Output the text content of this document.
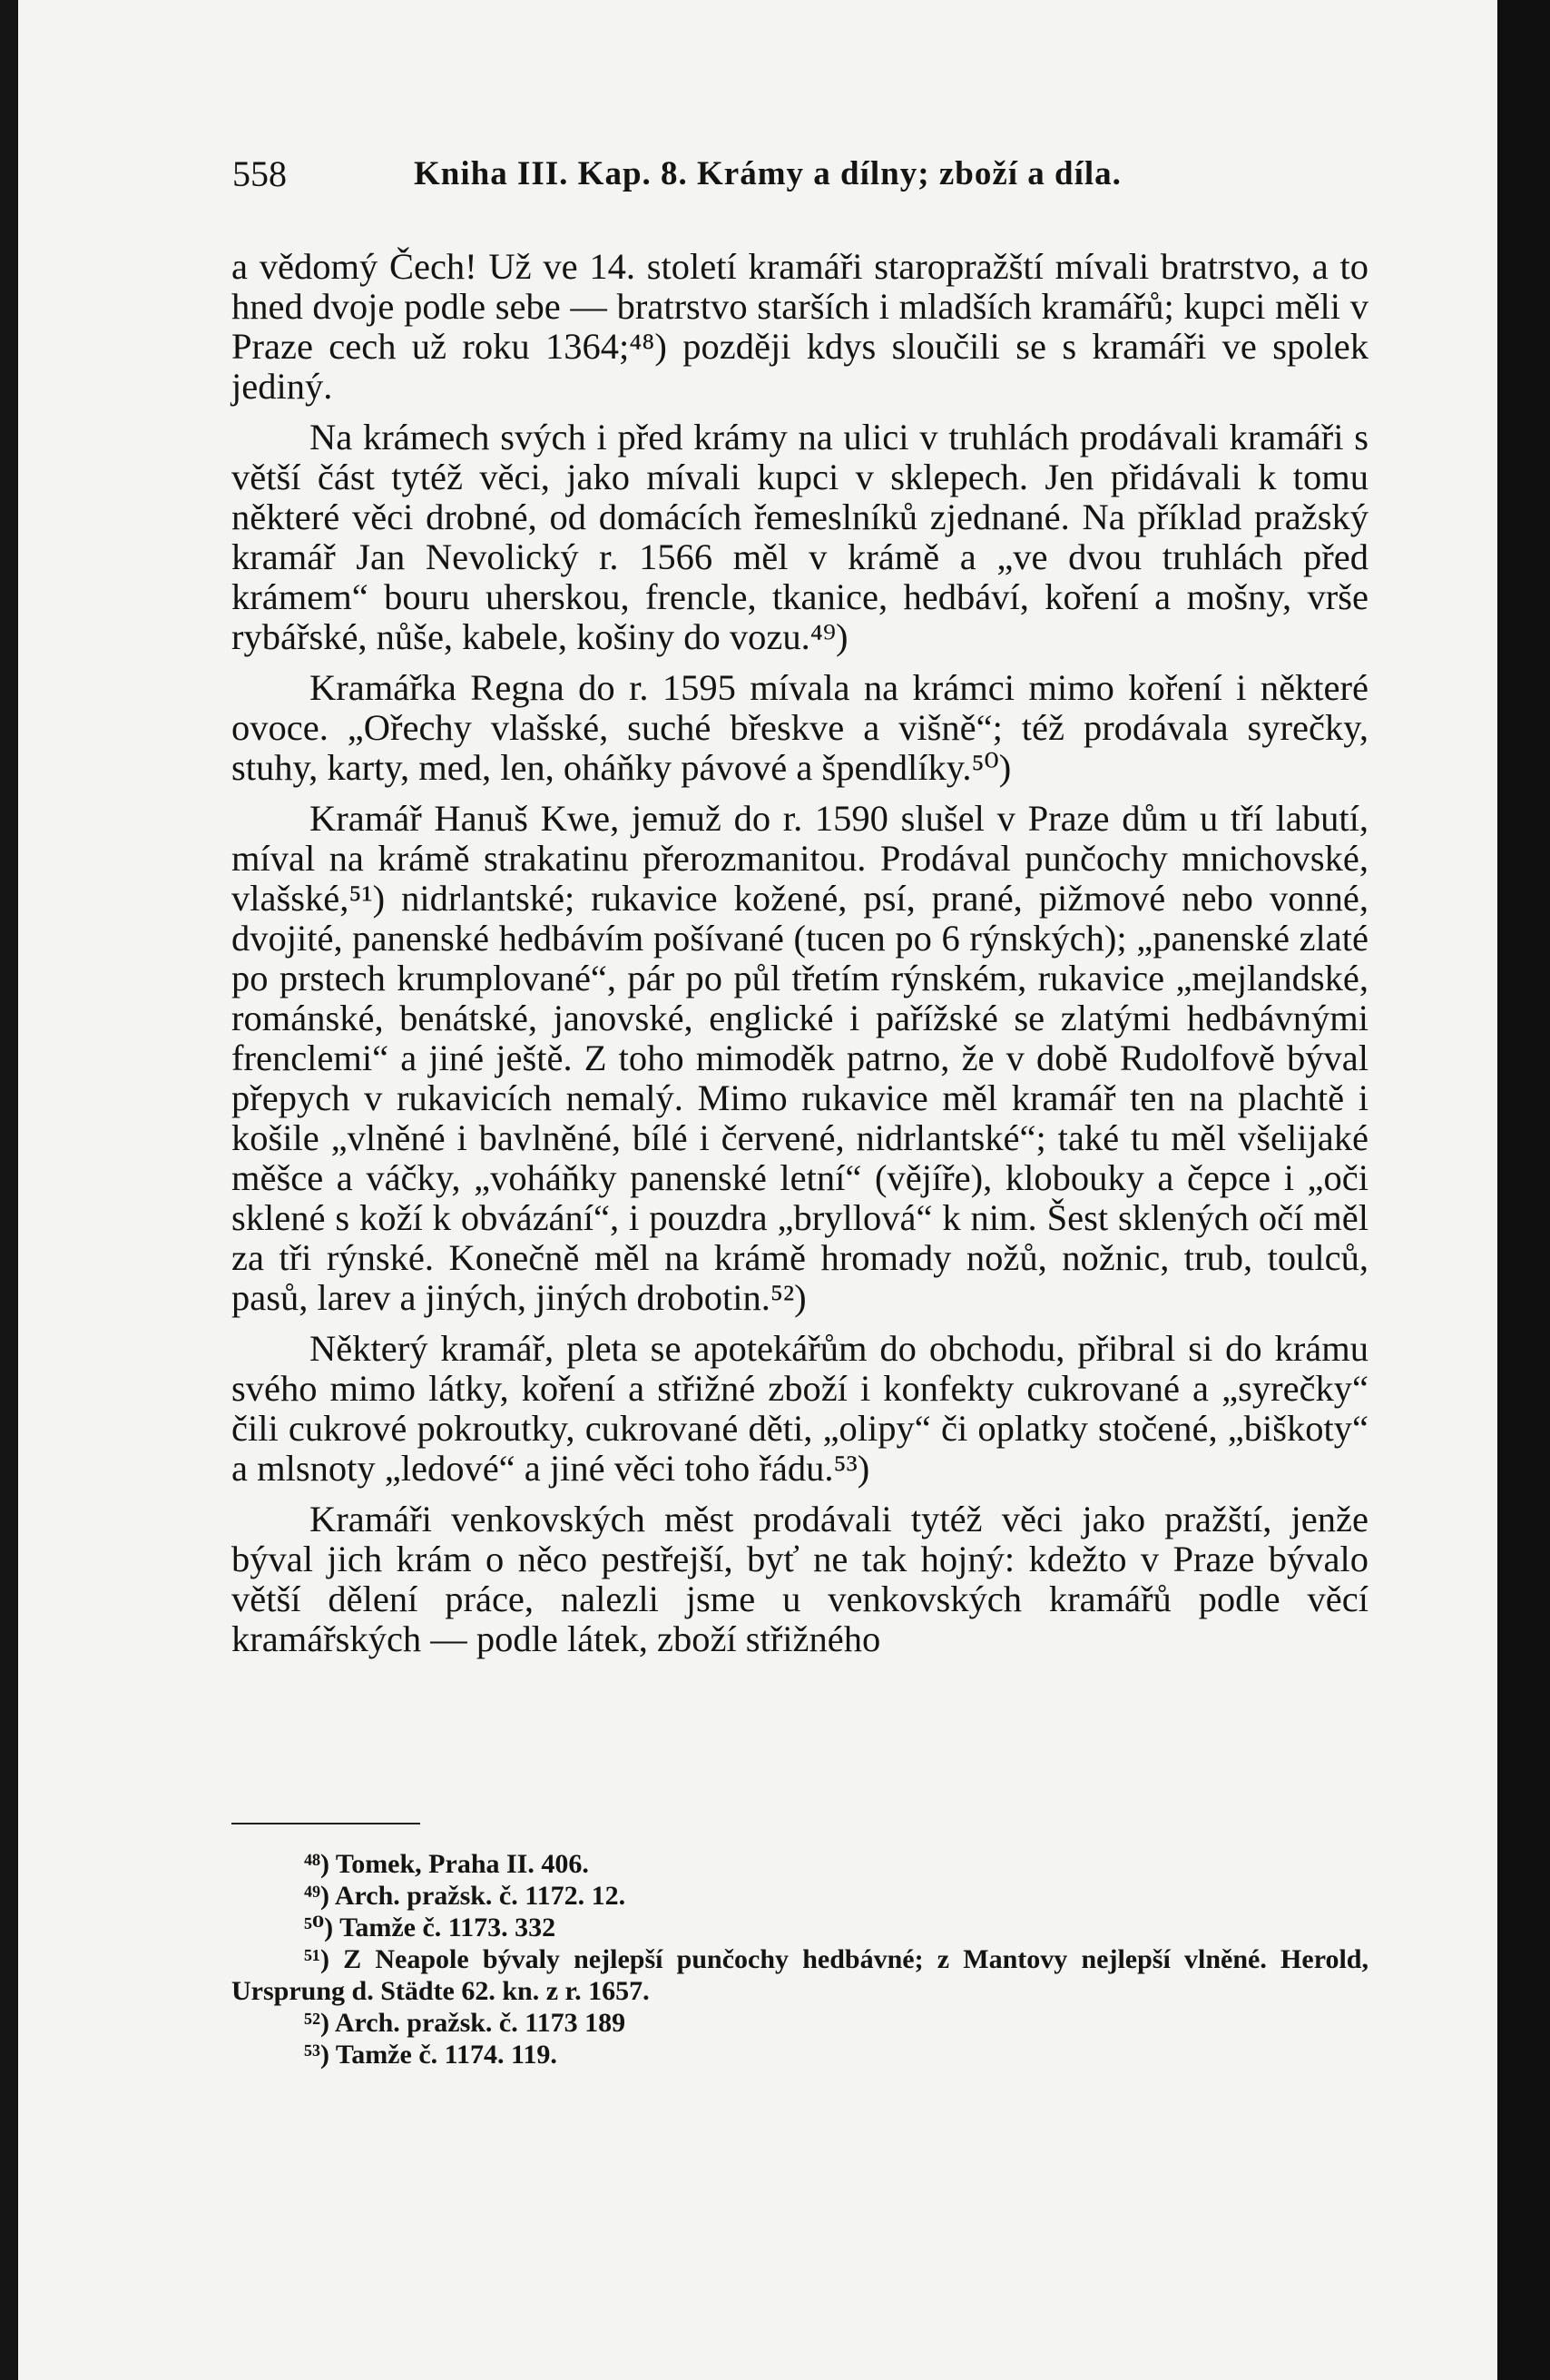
558	Kniha III. Kap. 8. Krámy a dílny; zboží a díla.

a vědomý Čech! Už ve 14. století kramáři staropražští mívali bratrstvo, a to hned dvoje podle sebe — bratrstvo starších i mladších kramářů; kupci měli v Praze cech už roku 1364;⁴⁸) později kdys sloučili se s kramáři ve spolek jediný.

Na krámech svých i před krámy na ulici v truhlách prodávali kramáři s větší část tytéž věci, jako mívali kupci v sklepech. Jen přidávali k tomu některé věci drobné, od domácích řemeslníků zjednané. Na příklad pražský kramář Jan Nevolický r. 1566 měl v krámě a „ve dvou truhlách před krámem“ bouru uherskou, frencle, tkanice, hedbáví, koření a mošny, vrše rybářské, nůše, kabele, košiny do vozu.⁴⁹)

Kramářka Regna do r. 1595 mívala na krámci mimo koření i některé ovoce. „Ořechy vlašské, suché břeskve a višně“; též prodávala syrečky, stuhy, karty, med, len, oháňky pávové a špendlíky.⁵⁰)

Kramář Hanuš Kwe, jemuž do r. 1590 slušel v Praze dům u tří labutí, míval na krámě strakatinu přerozmanitou. Prodával punčochy mnichovské, vlašské,⁵¹) nidrlantské; rukavice kožené, psí, prané, pižmové nebo vonné, dvojité, panenské hedbávím pošívané (tucen po 6 rýnských); „panenské zlaté po prstech krumplované“, pár po půl třetím rýnském, rukavice „mejlandské, románské, benátské, janovské, englické i pařížské se zlatými hedbávnými frenclemi“ a jiné ještě. Z toho mimoděk patrno, že v době Rudolfově býval přepych v rukavicích nemalý. Mimo rukavice měl kramář ten na plachtě i košile „vlněné i bavlněné, bílé i červené, nidrlantské“; také tu měl všelijaké měšce a váčky, „voháňky panenské letní“ (vějíře), klobouky a čepce i „oči sklené s koží k obvázání“, i pouzdra „bryllová“ k nim. Šest sklených očí měl za tři rýnské. Konečně měl na krámě hromady nožů, nožnic, trub, toulců, pasů, larev a jiných, jiných drobotin.⁵²)

Některý kramář, pleta se apotekářům do obchodu, přibral si do krámu svého mimo látky, koření a střižné zboží i konfekty cukrované a „syrečky“ čili cukrové pokroutky, cukrované děti, „olipy“ či oplatky stočené, „biškoty“ a mlsnoty „ledové“ a jiné věci toho řádu.⁵³)

Kramáři venkovských měst prodávali tytéž věci jako pražští, jenže býval jich krám o něco pestřejší, byť ne tak hojný: kdežto v Praze bývalo větší dělení práce, nalezli jsme u venkovských kramářů podle věcí kramářských — podle látek, zboží střižného

⁴⁸) Tomek, Praha II. 406.
⁴⁹) Arch. pražsk. č. 1172. 12.
⁵⁰) Tamže č. 1173. 332
⁵¹) Z Neapole bývaly nejlepší punčochy hedbávné; z Mantovy nejlepší vlněné. Herold, Ursprung d. Städte 62. kn. z r. 1657.
⁵²) Arch. pražsk. č. 1173 189
⁵³) Tamže č. 1174. 119.
